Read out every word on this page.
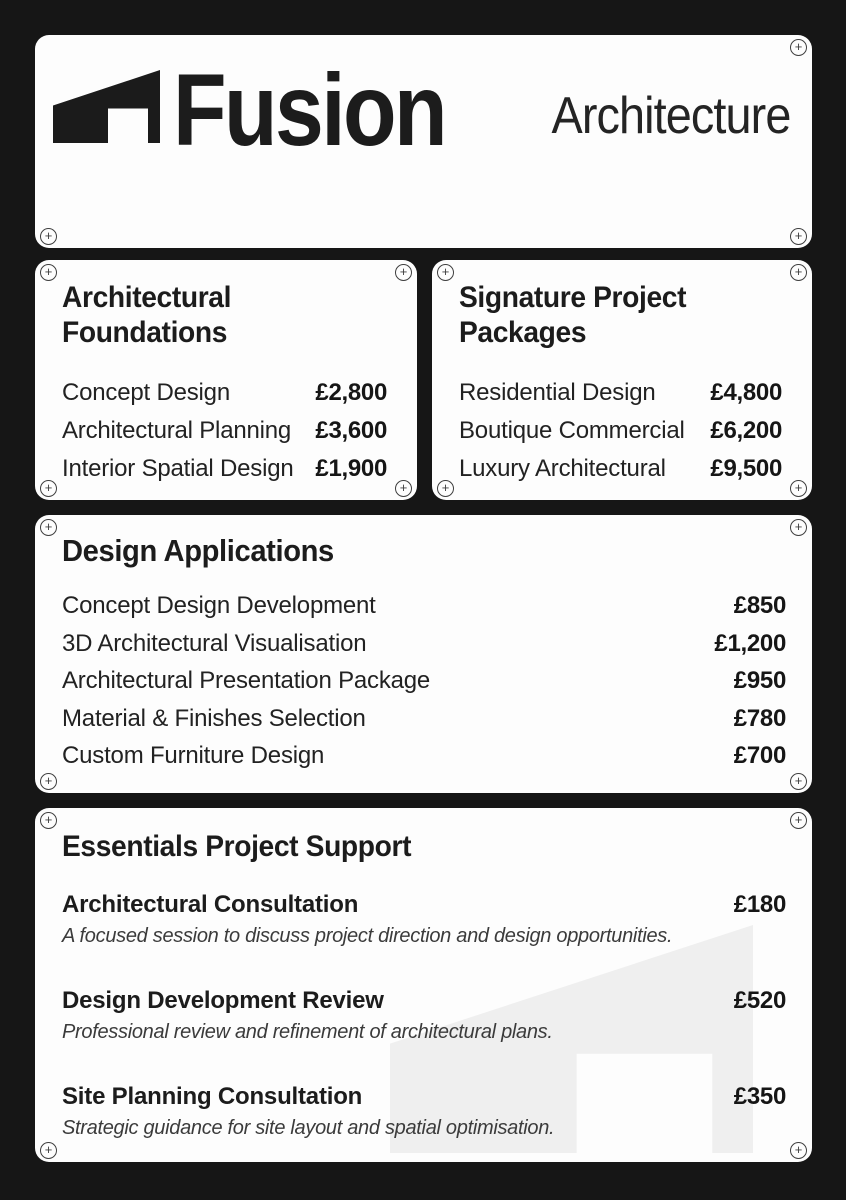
+
+	+
Fusion Architecture
+	+
+	+
Architectural Foundations
Concept Design	£2,800
Architectural Planning £3,600
Interior Spatial Design £1,900
+	+
+	+
Signature Project Packages
Residential Design £4,800
Boutique Commercial £6,200
Luxury Architectural £9,500
+	+
+	+
Design Applications
Concept Design Development	£850
3D Architectural Visualisation	£1,200
Architectural Presentation Package	£950
Material & Finishes Selection	£780
Custom Furniture Design	£700
+	+
+	+
Essentials Project Support
Architectural Consultation	£180
A focused session to discuss project direction and design opportunities.
Design Development Review	£520
Professional review and refinement of architectural plans.
Site Planning Consultation	£350
Strategic guidance for site layout and spatial optimisation.
